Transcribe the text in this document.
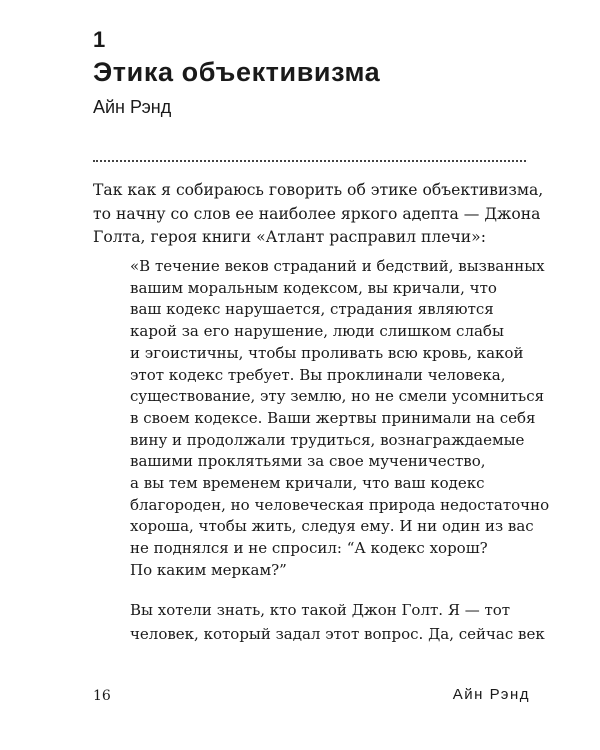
1
Этика объективизма
Айн Рэнд
Так как я собираюсь говорить об этике объективизма,
то начну со слов ее наиболее яркого адепта — Джона
Голта, героя книги «Атлант расправил плечи»:
«В течение веков страданий и бедствий, вызванных
вашим моральным кодексом, вы кричали, что
ваш кодекс нарушается, страдания являются
карой за его нарушение, люди слишком слабы
и эгоистичны, чтобы проливать всю кровь, какой
этот кодекс требует. Вы проклинали человека,
существование, эту землю, но не смели усомниться
в своем кодексе. Ваши жертвы принимали на себя
вину и продолжали трудиться, вознаграждаемые
вашими проклятьями за свое мученичество,
а вы тем временем кричали, что ваш кодекс
благороден, но человеческая природа недостаточно
хороша, чтобы жить, следуя ему. И ни один из вас
не поднялся и не спросил: “А кодекс хорош?
По каким меркам?”
Вы хотели знать, кто такой Джон Голт. Я — тот
человек, который задал этот вопрос. Да, сейчас век
16	Айн Рэнд
